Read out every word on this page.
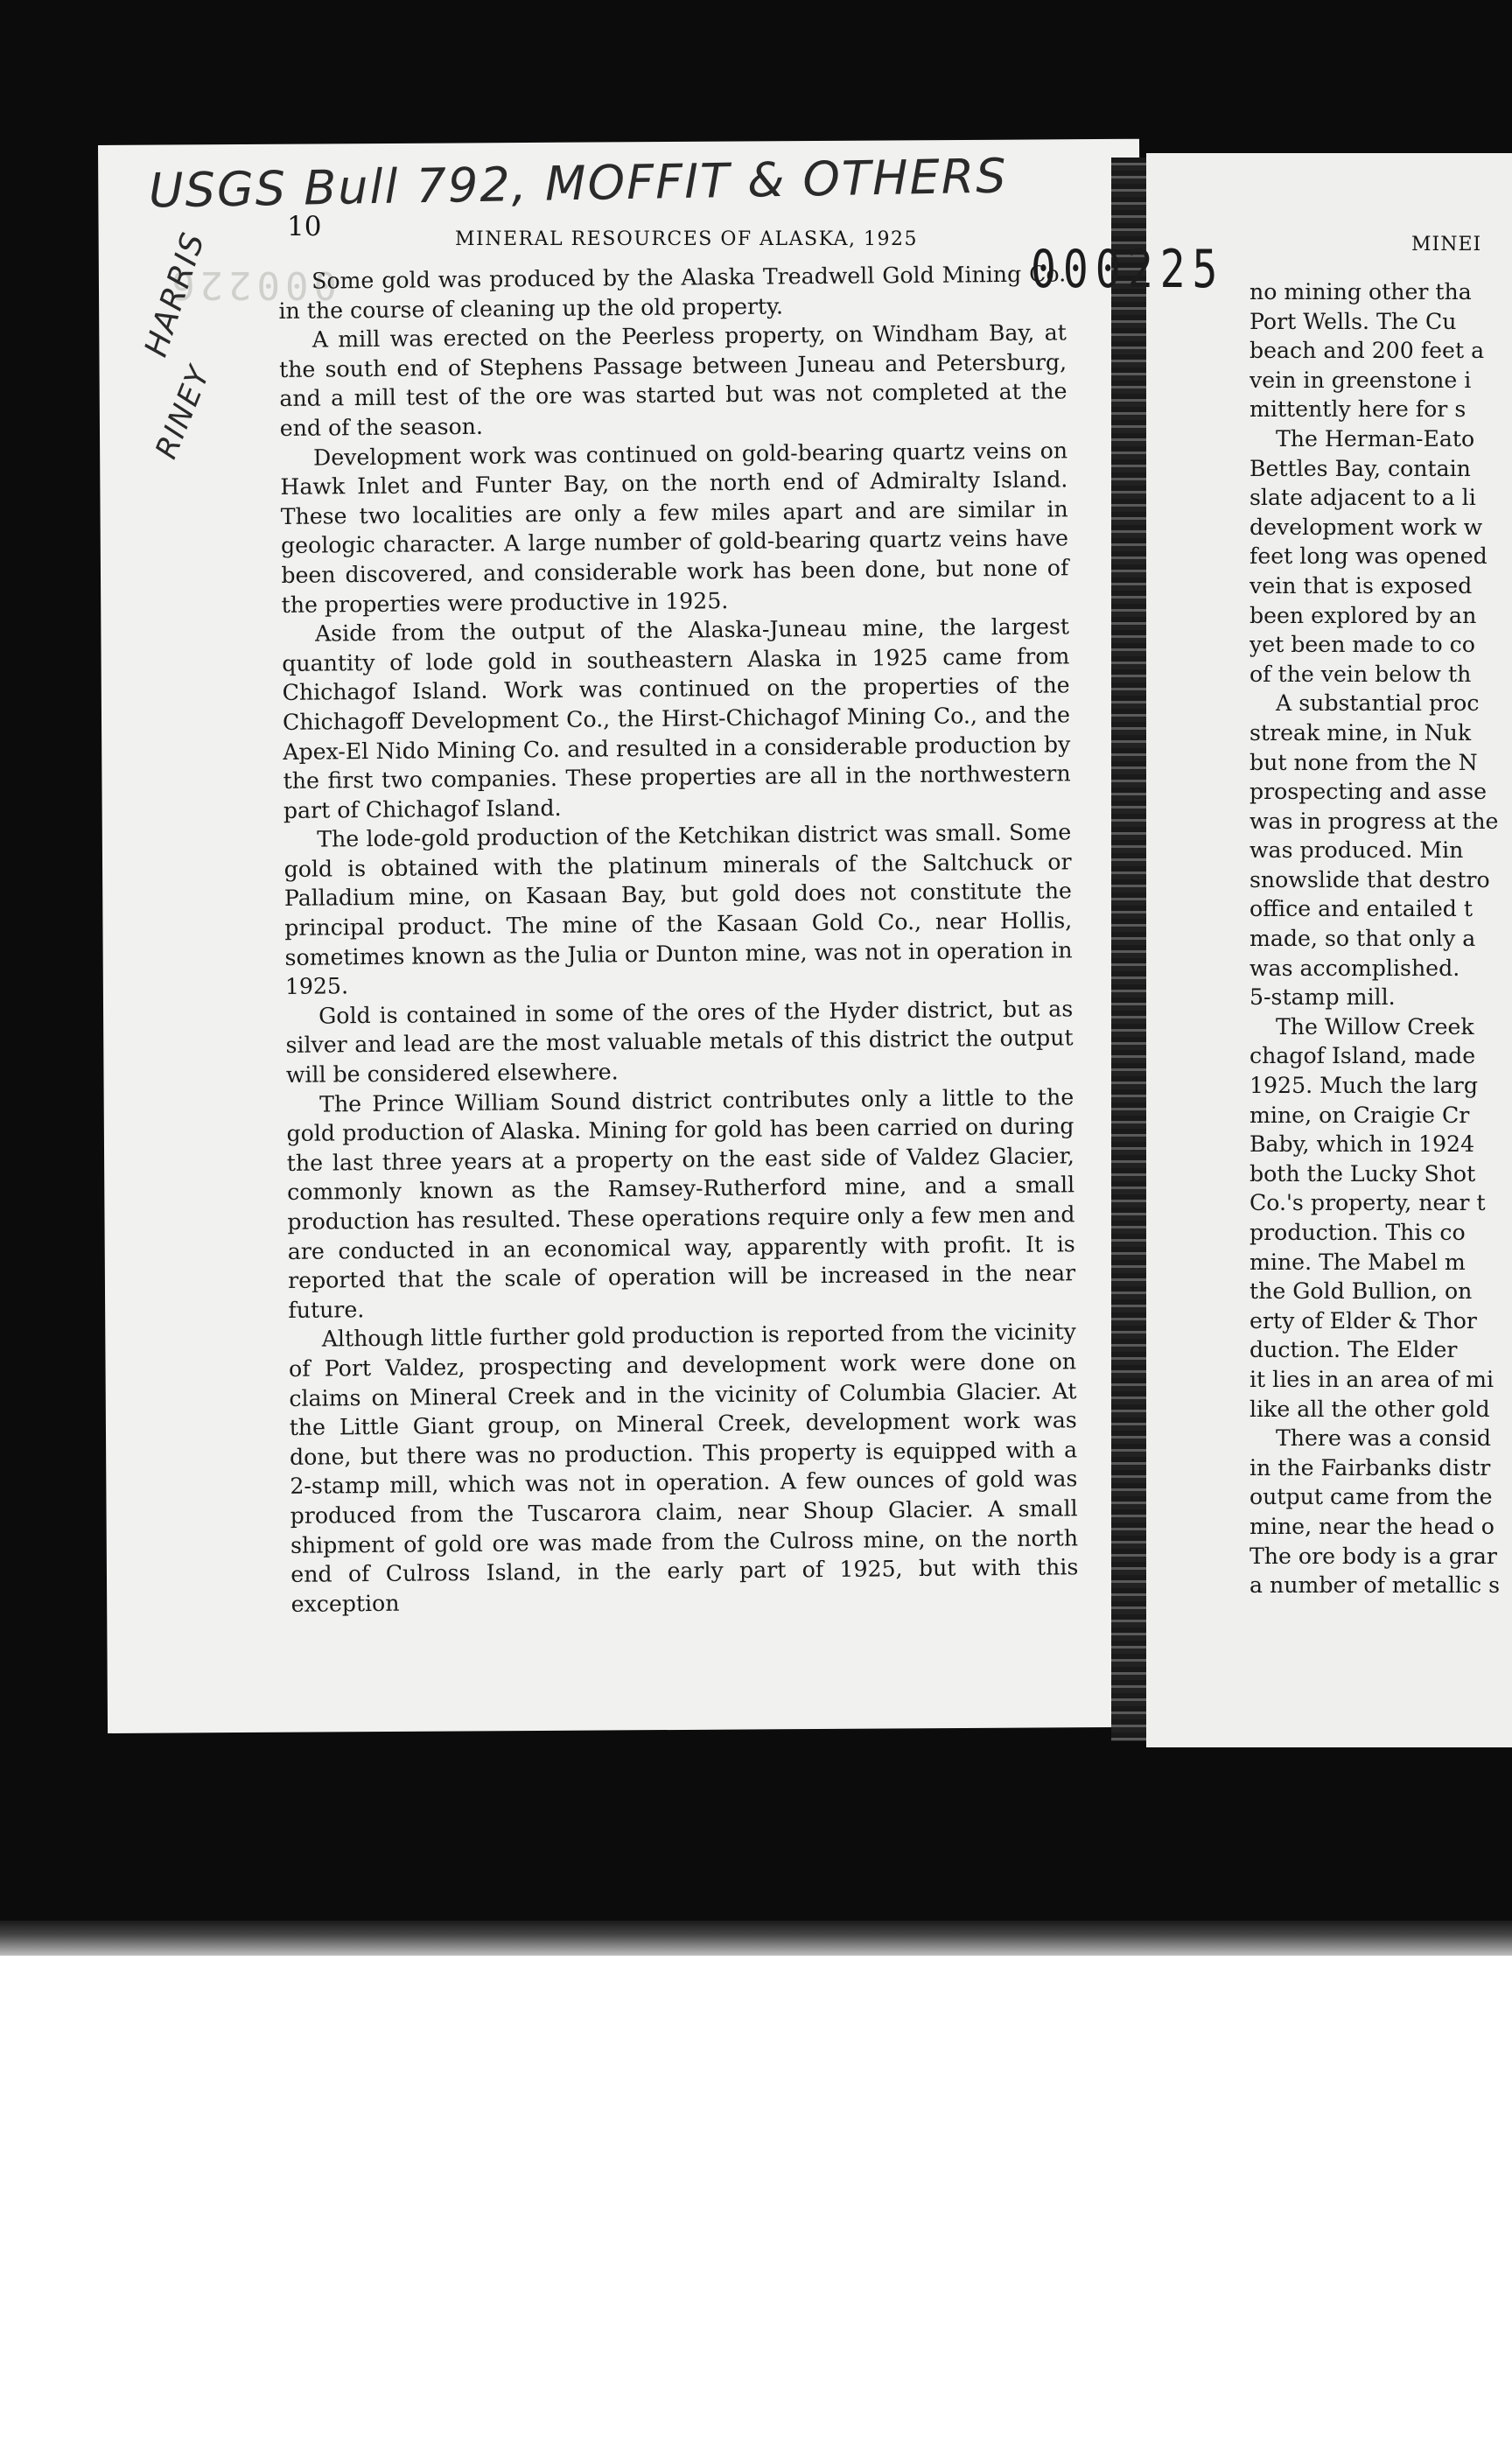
000226
USGS Bull 792, MOFFIT & OTHERS
HARRIS
RINEY
10	MINERAL RESOURCES OF ALASKA, 1925	000225

Some gold was produced by the Alaska Treadwell Gold Mining Co. in the course of cleaning up the old property.

A mill was erected on the Peerless property, on Windham Bay, at the south end of Stephens Passage between Juneau and Petersburg, and a mill test of the ore was started but was not completed at the end of the season.

Development work was continued on gold-bearing quartz veins on Hawk Inlet and Funter Bay, on the north end of Admiralty Island. These two localities are only a few miles apart and are similar in geologic character. A large number of gold-bearing quartz veins have been discovered, and considerable work has been done, but none of the properties were productive in 1925.

Aside from the output of the Alaska-Juneau mine, the largest quantity of lode gold in southeastern Alaska in 1925 came from Chichagof Island. Work was continued on the properties of the Chichagoff Development Co., the Hirst-Chichagof Mining Co., and the Apex-El Nido Mining Co. and resulted in a considerable production by the first two companies. These properties are all in the northwestern part of Chichagof Island.

The lode-gold production of the Ketchikan district was small. Some gold is obtained with the platinum minerals of the Saltchuck or Palladium mine, on Kasaan Bay, but gold does not constitute the principal product. The mine of the Kasaan Gold Co., near Hollis, sometimes known as the Julia or Dunton mine, was not in operation in 1925.

Gold is contained in some of the ores of the Hyder district, but as silver and lead are the most valuable metals of this district the output will be considered elsewhere.

The Prince William Sound district contributes only a little to the gold production of Alaska. Mining for gold has been carried on during the last three years at a property on the east side of Valdez Glacier, commonly known as the Ramsey-Rutherford mine, and a small production has resulted. These operations require only a few men and are conducted in an economical way, apparently with profit. It is reported that the scale of operation will be increased in the near future.

Although little further gold production is reported from the vicinity of Port Valdez, prospecting and development work were done on claims on Mineral Creek and in the vicinity of Columbia Glacier. At the Little Giant group, on Mineral Creek, development work was done, but there was no production. This property is equipped with a 2-stamp mill, which was not in operation. A few ounces of gold was produced from the Tuscarora claim, near Shoup Glacier. A small shipment of gold ore was made from the Culross mine, on the north end of Culross Island, in the early part of 1925, but with this exception

MINEI
no mining other tha
Port Wells. The Cu
beach and 200 feet a
vein in greenstone i
mittently here for s
The Herman-Eato
Bettles Bay, contain
slate adjacent to a li
development work w
feet long was opened
vein that is exposed
been explored by an
yet been made to co
of the vein below th
A substantial proc
streak mine, in Nuk
but none from the N
prospecting and asse
was in progress at the
was produced. Min
snowslide that destro
office and entailed t
made, so that only a
was accomplished.
5-stamp mill.
The Willow Creek
chagof Island, made
1925. Much the larg
mine, on Craigie Cr
Baby, which in 1924
both the Lucky Shot
Co.'s property, near t
production. This co
mine. The Mabel m
the Gold Bullion, on
erty of Elder & Thor
duction. The Elder
it lies in an area of mi
like all the other gold
There was a consid
in the Fairbanks distr
output came from the
mine, near the head o
The ore body is a grar
a number of metallic s
